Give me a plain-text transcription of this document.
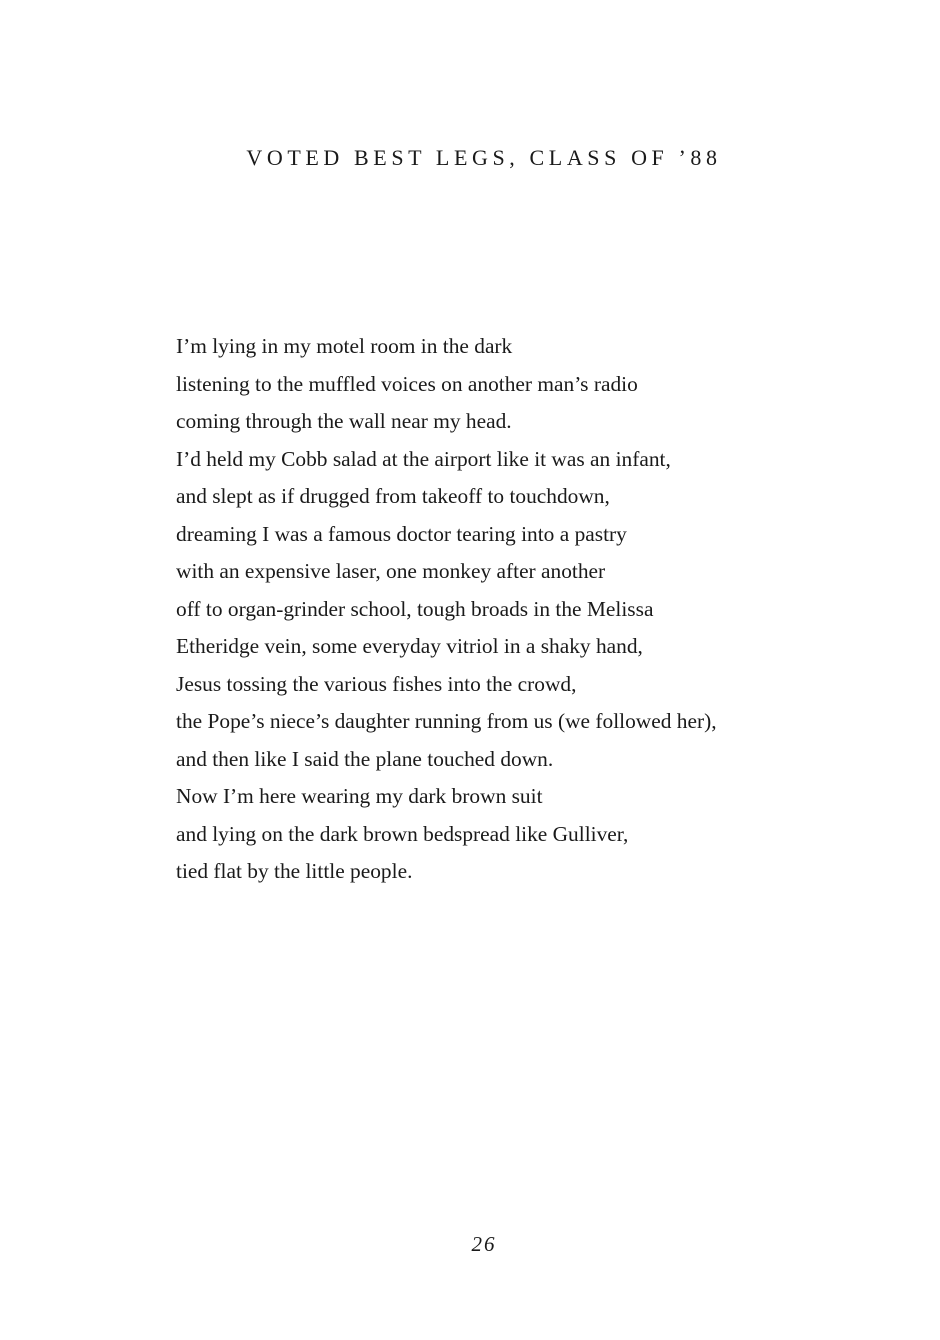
VOTED BEST LEGS, CLASS OF ’88
I’m lying in my motel room in the dark
listening to the muffled voices on another man’s radio
coming through the wall near my head.
I’d held my Cobb salad at the airport like it was an infant,
and slept as if drugged from takeoff to touchdown,
dreaming I was a famous doctor tearing into a pastry
with an expensive laser, one monkey after another
off to organ-grinder school, tough broads in the Melissa
Etheridge vein, some everyday vitriol in a shaky hand,
Jesus tossing the various fishes into the crowd,
the Pope’s niece’s daughter running from us (we followed her),
and then like I said the plane touched down.
Now I’m here wearing my dark brown suit
and lying on the dark brown bedspread like Gulliver,
tied flat by the little people.
26
